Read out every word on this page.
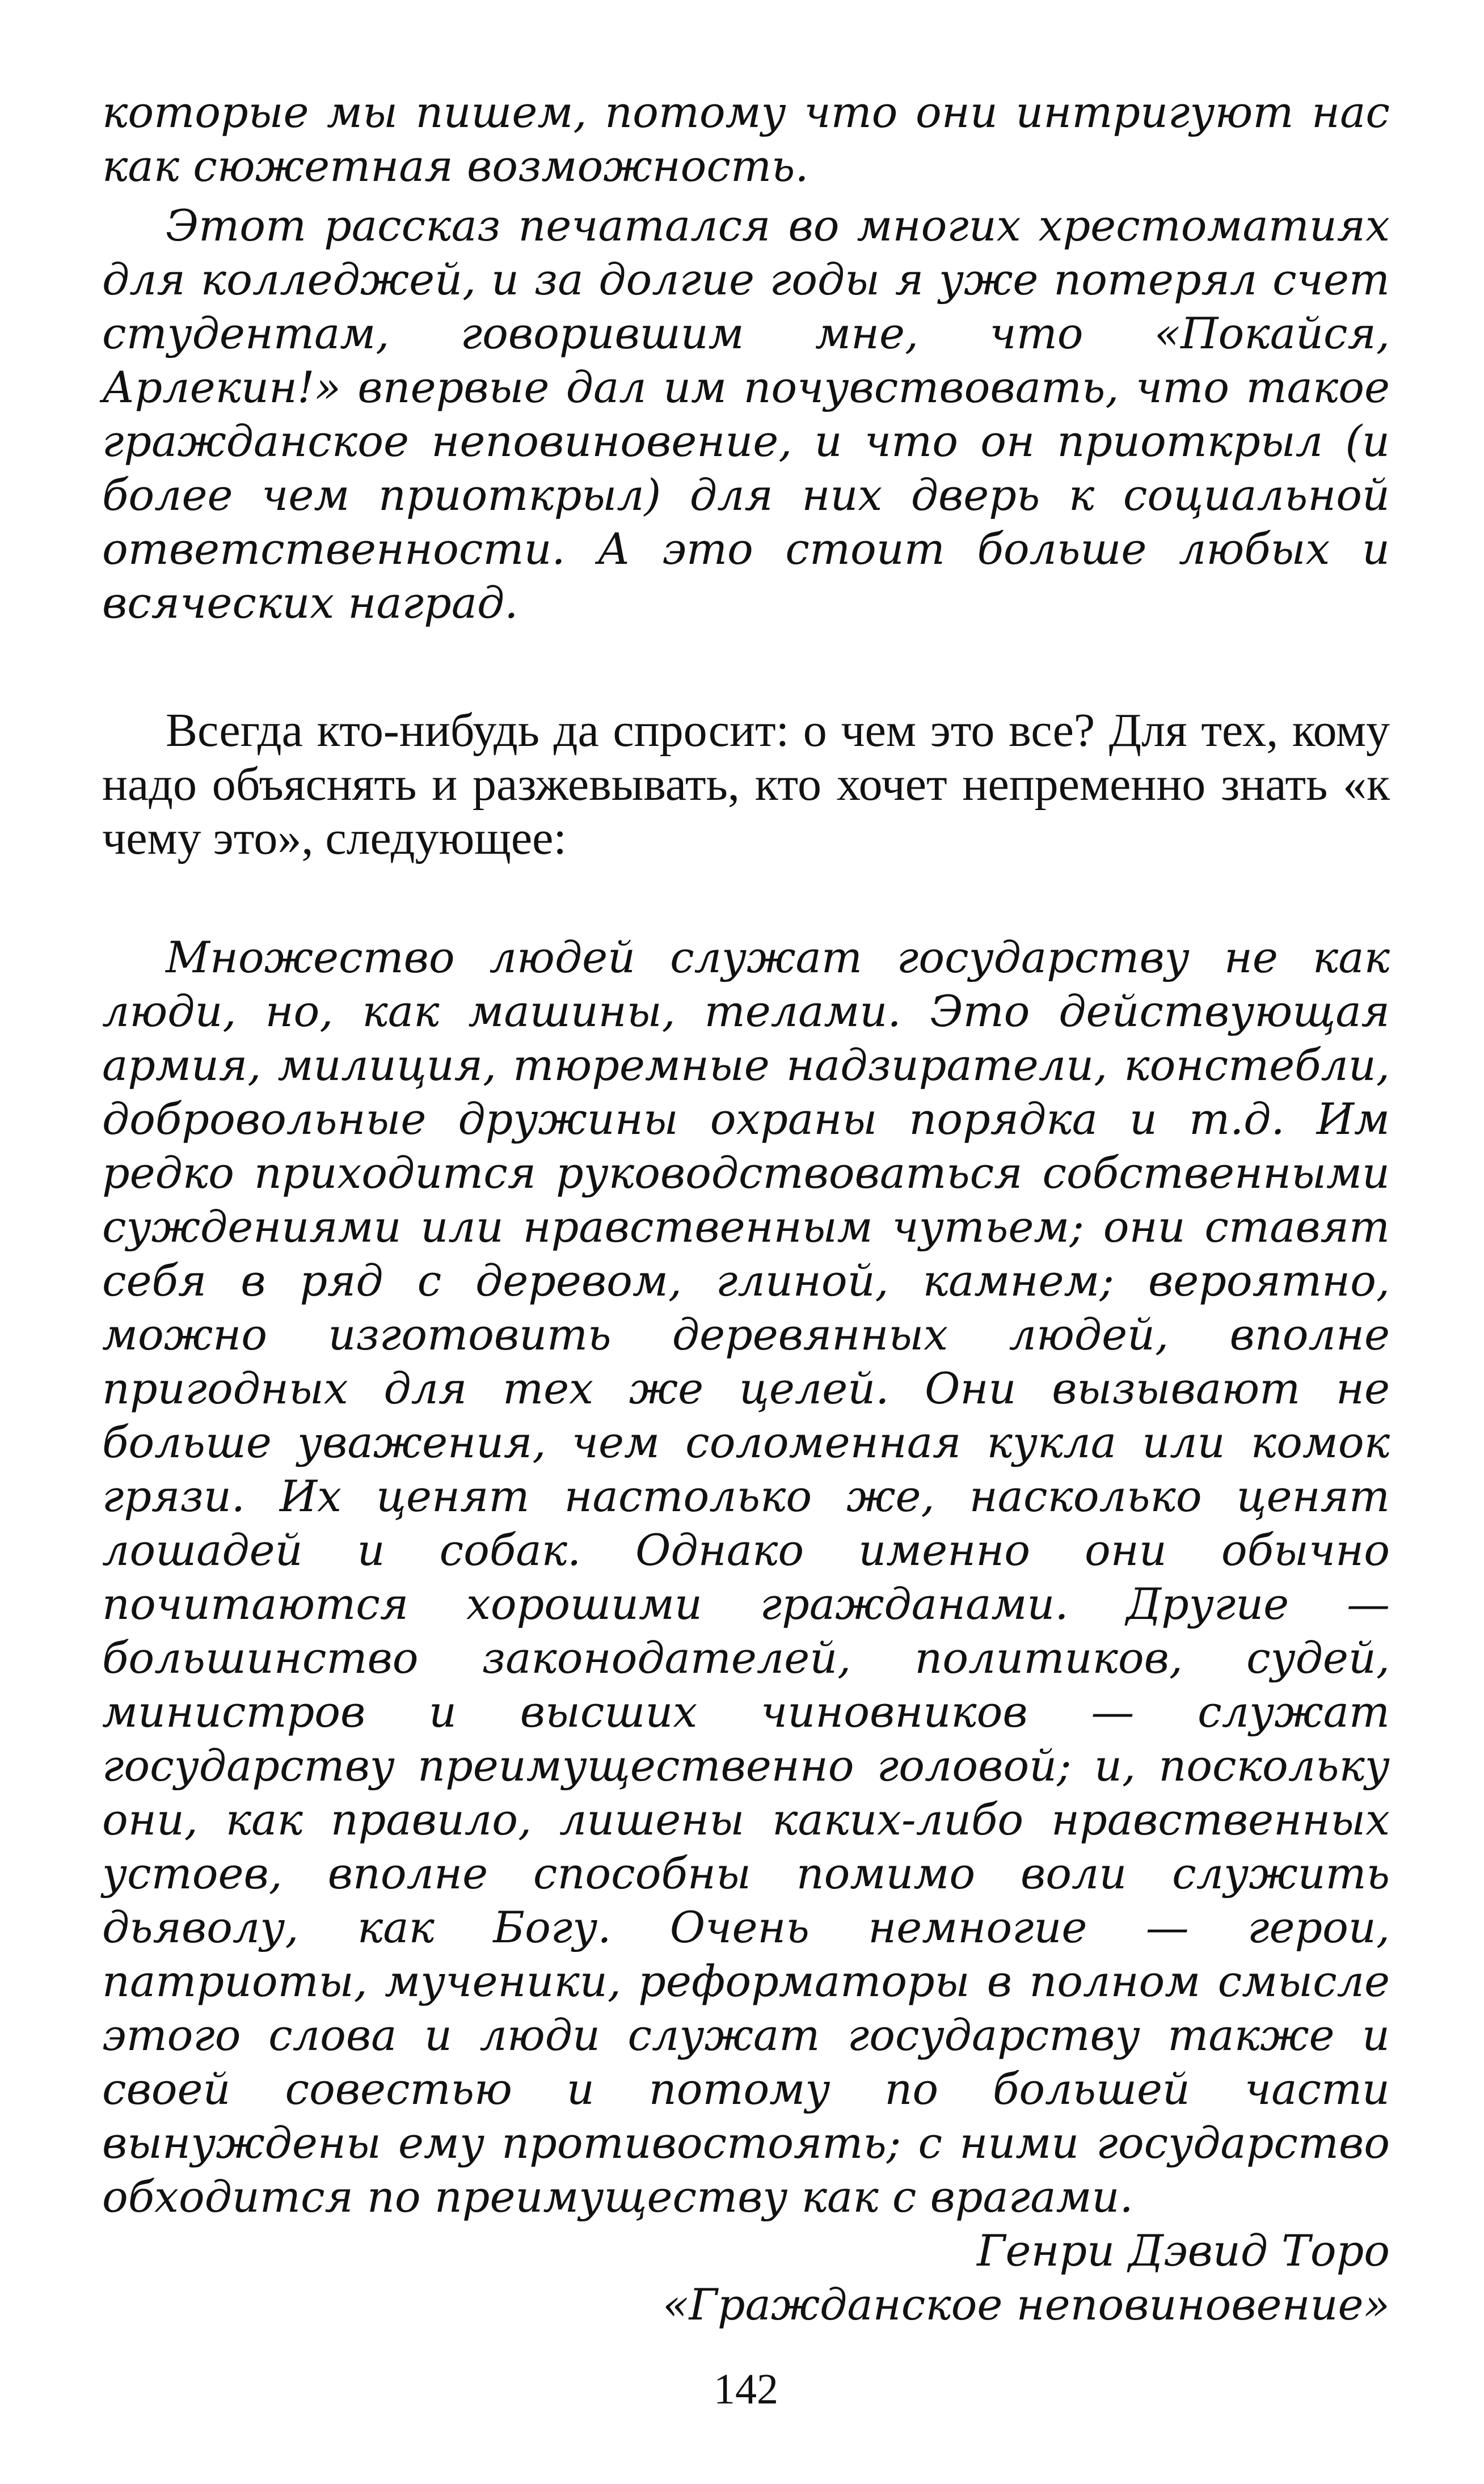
которые мы пишем, потому что они интригуют нас как сюжетная возможность.

Этот рассказ печатался во многих хрестоматиях для колледжей, и за долгие годы я уже потерял счет студентам, говорившим мне, что «Покайся, Арлекин!» впервые дал им почувствовать, что такое гражданское неповиновение, и что он приоткрыл (и более чем приоткрыл) для них дверь к социальной ответственности. А это стоит больше любых и всяческих наград.

Всегда кто-нибудь да спросит: о чем это все? Для тех, кому надо объяснять и разжевывать, кто хочет непременно знать «к чему это», следующее:

Множество людей служат государству не как люди, но, как машины, телами. Это действующая армия, милиция, тюремные надзиратели, констебли, добровольные дружины охраны порядка и т.д. Им редко приходится руководствоваться собственными суждениями или нравственным чутьем; они ставят себя в ряд с деревом, глиной, камнем; вероятно, можно изготовить деревянных людей, вполне пригодных для тех же целей. Они вызывают не больше уважения, чем соломенная кукла или комок грязи. Их ценят настолько же, насколько ценят лошадей и собак. Однако именно они обычно почитаются хорошими гражданами. Другие — большинство законодателей, политиков, судей, министров и высших чиновников — служат государству преимущественно головой; и, поскольку они, как правило, лишены каких-либо нравственных устоев, вполне способны помимо воли служить дьяволу, как Богу. Очень немногие — герои, патриоты, мученики, реформаторы в полном смысле этого слова и люди служат государству также и своей совестью и потому по большей части вынуждены ему противостоять; с ними государство обходится по преимуществу как с врагами.

Генри Дэвид Торо
«Гражданское неповиновение»
142
